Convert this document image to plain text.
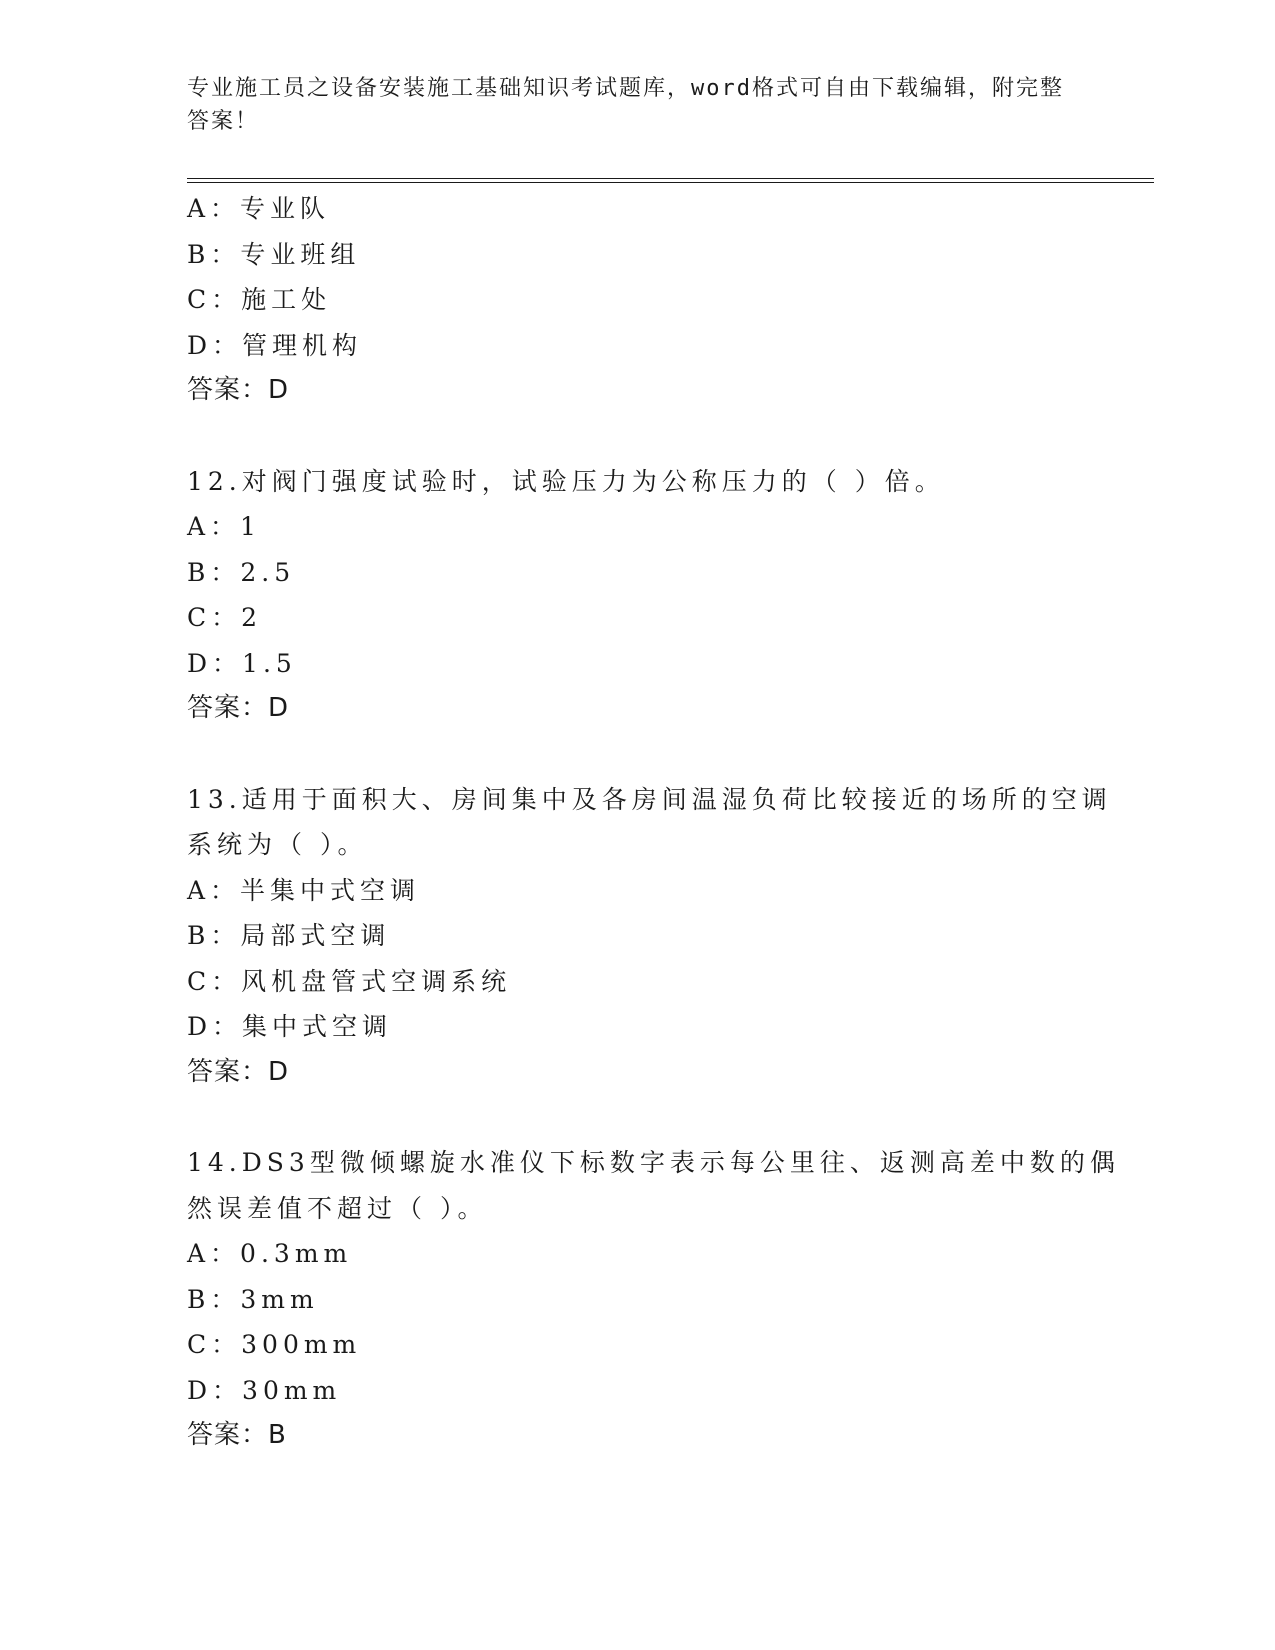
专业施工员之设备安装施工基础知识考试题库，word格式可自由下载编辑，附完整答案！
A：专业队
B：专业班组
C：施工处
D：管理机构
答案：D
12.对阀门强度试验时，试验压力为公称压力的（ ）倍。
A：1
B：2.5
C：2
D：1.5
答案：D
13.适用于面积大、房间集中及各房间温湿负荷比较接近的场所的空调
系统为（ ）。
A：半集中式空调
B：局部式空调
C：风机盘管式空调系统
D：集中式空调
答案：D
14.DS3型微倾螺旋水准仪下标数字表示每公里往、返测高差中数的偶
然误差值不超过（ ）。
A：0.3mm
B：3mm
C：300mm
D：30mm
答案：B
